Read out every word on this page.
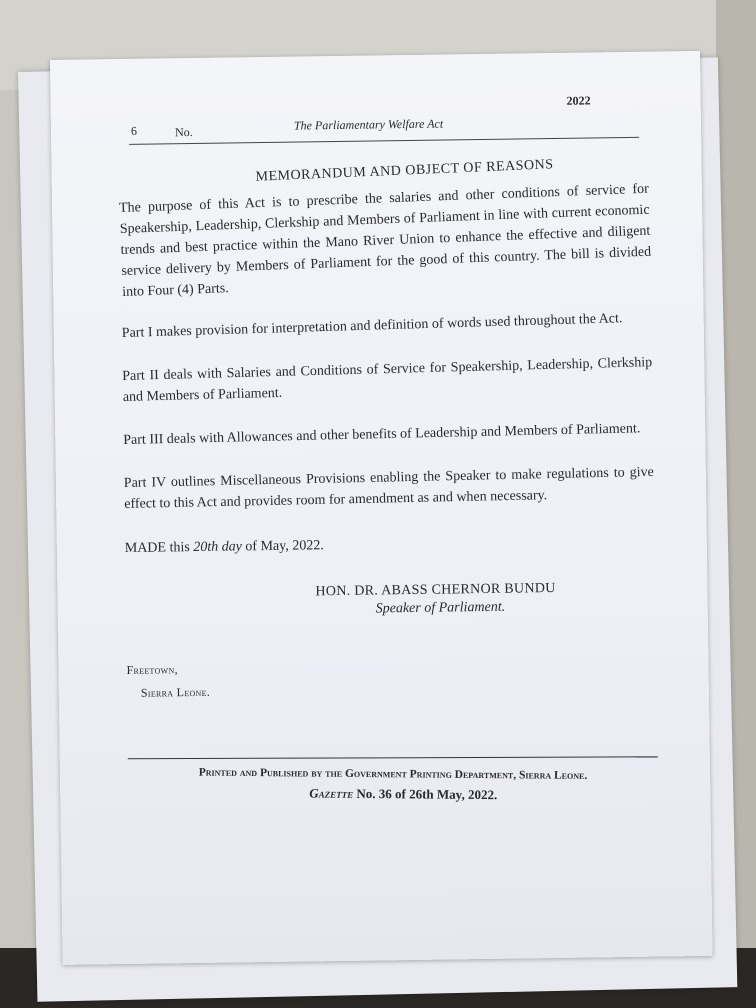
6	No.	The Parliamentary Welfare Act
2022
MEMORANDUM AND OBJECT OF REASONS

The purpose of this Act is to prescribe the salaries and other conditions of service for Speakership, Leadership, Clerkship and Members of Parliament in line with current economic trends and best practice within the Mano River Union to enhance the effective and diligent service delivery by Members of Parliament for the good of this country. The bill is divided into Four (4) Parts.

Part I makes provision for interpretation and definition of words used throughout the Act.

Part II deals with Salaries and Conditions of Service for Speakership, Leadership, Clerkship and Members of Parliament.

Part III deals with Allowances and other benefits of Leadership and Members of Parliament.

Part IV outlines Miscellaneous Provisions enabling the Speaker to make regulations to give effect to this Act and provides room for amendment as and when necessary.

MADE this 20th day of May, 2022.
HON. DR. ABASS CHERNOR BUNDU
Speaker of Parliament.
Freetown,
Sierra Leone.
Printed and Published by the Government Printing Department, Sierra Leone.
Gazette No. 36 of 26th May, 2022.
